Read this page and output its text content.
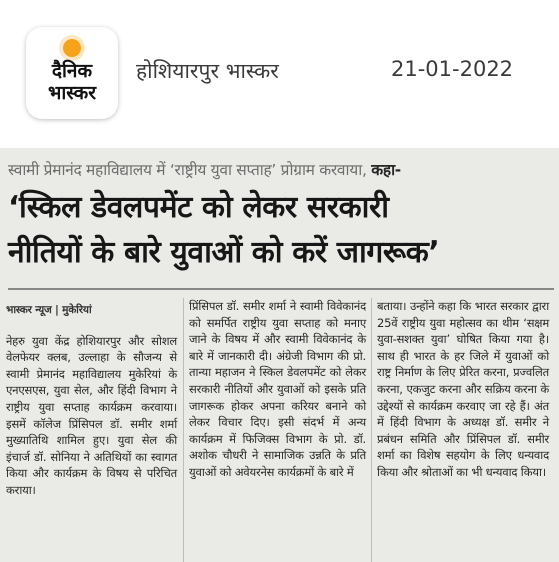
दैनिक
भास्कर
होशियारपुर भास्कर	21-01-2022
स्वामी प्रेमानंद महाविद्यालय में ‘राष्ट्रीय युवा सप्ताह’ प्रोग्राम करवाया, कहा-
‘स्किल डेवलपमेंट को लेकर सरकारी
नीतियों के बारे युवाओं को करें जागरूक’
भास्कर न्यूज | मुकेरियां
नेहरु युवा केंद्र होशियारपुर और सोशल वेलफेयर क्लब, उल्लाहा के सौजन्य से स्वामी प्रेमानंद महाविद्यालय मुकेरियां के एनएसएस, युवा सेल, और हिंदी विभाग ने राष्ट्रीय युवा सप्ताह कार्यक्रम करवाया। इसमें कॉलेज प्रिंसिपल डॉ. समीर शर्मा मुख्यातिथि शामिल हुए। युवा सेल की इंचार्ज डॉ. सोनिया ने अतिथियों का स्वागत किया और कार्यक्रम के विषय से परिचित कराया।
प्रिंसिपल डॉ. समीर शर्मा ने स्वामी विवेकानंद को समर्पित राष्ट्रीय युवा सप्ताह को मनाए जाने के विषय में और स्वामी विवेकानंद के बारे में जानकारी दी। अंग्रेजी विभाग की प्रो. तान्या महाजन ने स्किल डेवलपमेंट को लेकर सरकारी नीतियों और युवाओं को इसके प्रति जागरूक होकर अपना करियर बनाने को लेकर विचार दिए। इसी संदर्भ में अन्य कार्यक्रम में फिजिक्स विभाग के प्रो. डॉ. अशोक चौधरी ने सामाजिक उन्नति के प्रति युवाओं को अवेयरनेस कार्यक्रमों के बारे में
बताया। उन्होंने कहा कि भारत सरकार द्वारा 25वें राष्ट्रीय युवा महोत्सव का थीम ‘सक्षम युवा-सशक्त युवा’ घोषित किया गया है। साथ ही भारत के हर जिले में युवाओं को राष्ट्र निर्माण के लिए प्रेरित करना, प्रज्वलित करना, एकजुट करना और सक्रिय करना के उद्देश्यों से कार्यक्रम करवाए जा रहे हैं। अंत में हिंदी विभाग के अध्यक्ष डॉ. समीर ने प्रबंधन समिति और प्रिंसिपल डॉ. समीर शर्मा का विशेष सहयोग के लिए धन्यवाद किया और श्रोताओं का भी धन्यवाद किया।
